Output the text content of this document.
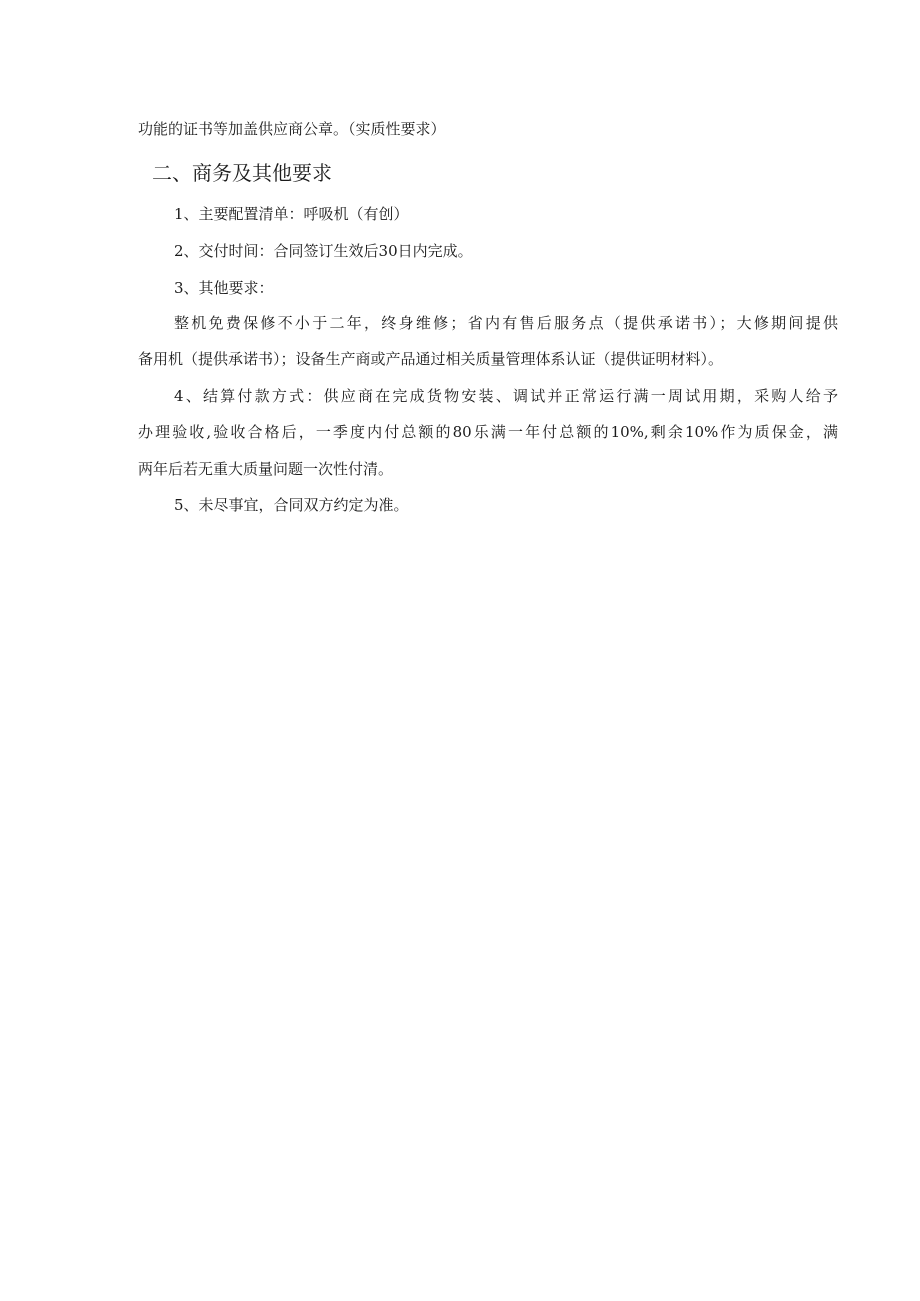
功能的证书等加盖供应商公章。（实质性要求）
二、商务及其他要求
1、主要配置清单：呼吸机（有创）
2、交付时间：合同签订生效后30日内完成。
3、其他要求：
整机免费保修不小于二年，终身维修；省内有售后服务点（提供承诺书）；大修期间提供
备用机（提供承诺书）；设备生产商或产品通过相关质量管理体系认证（提供证明材料）。
4、结算付款方式：供应商在完成货物安装、调试并正常运行满一周试用期，采购人给予
办理验收,验收合格后，一季度内付总额的80乐满一年付总额的10%,剩余10%作为质保金，满
两年后若无重大质量问题一次性付清。
5、未尽事宜，合同双方约定为准。
